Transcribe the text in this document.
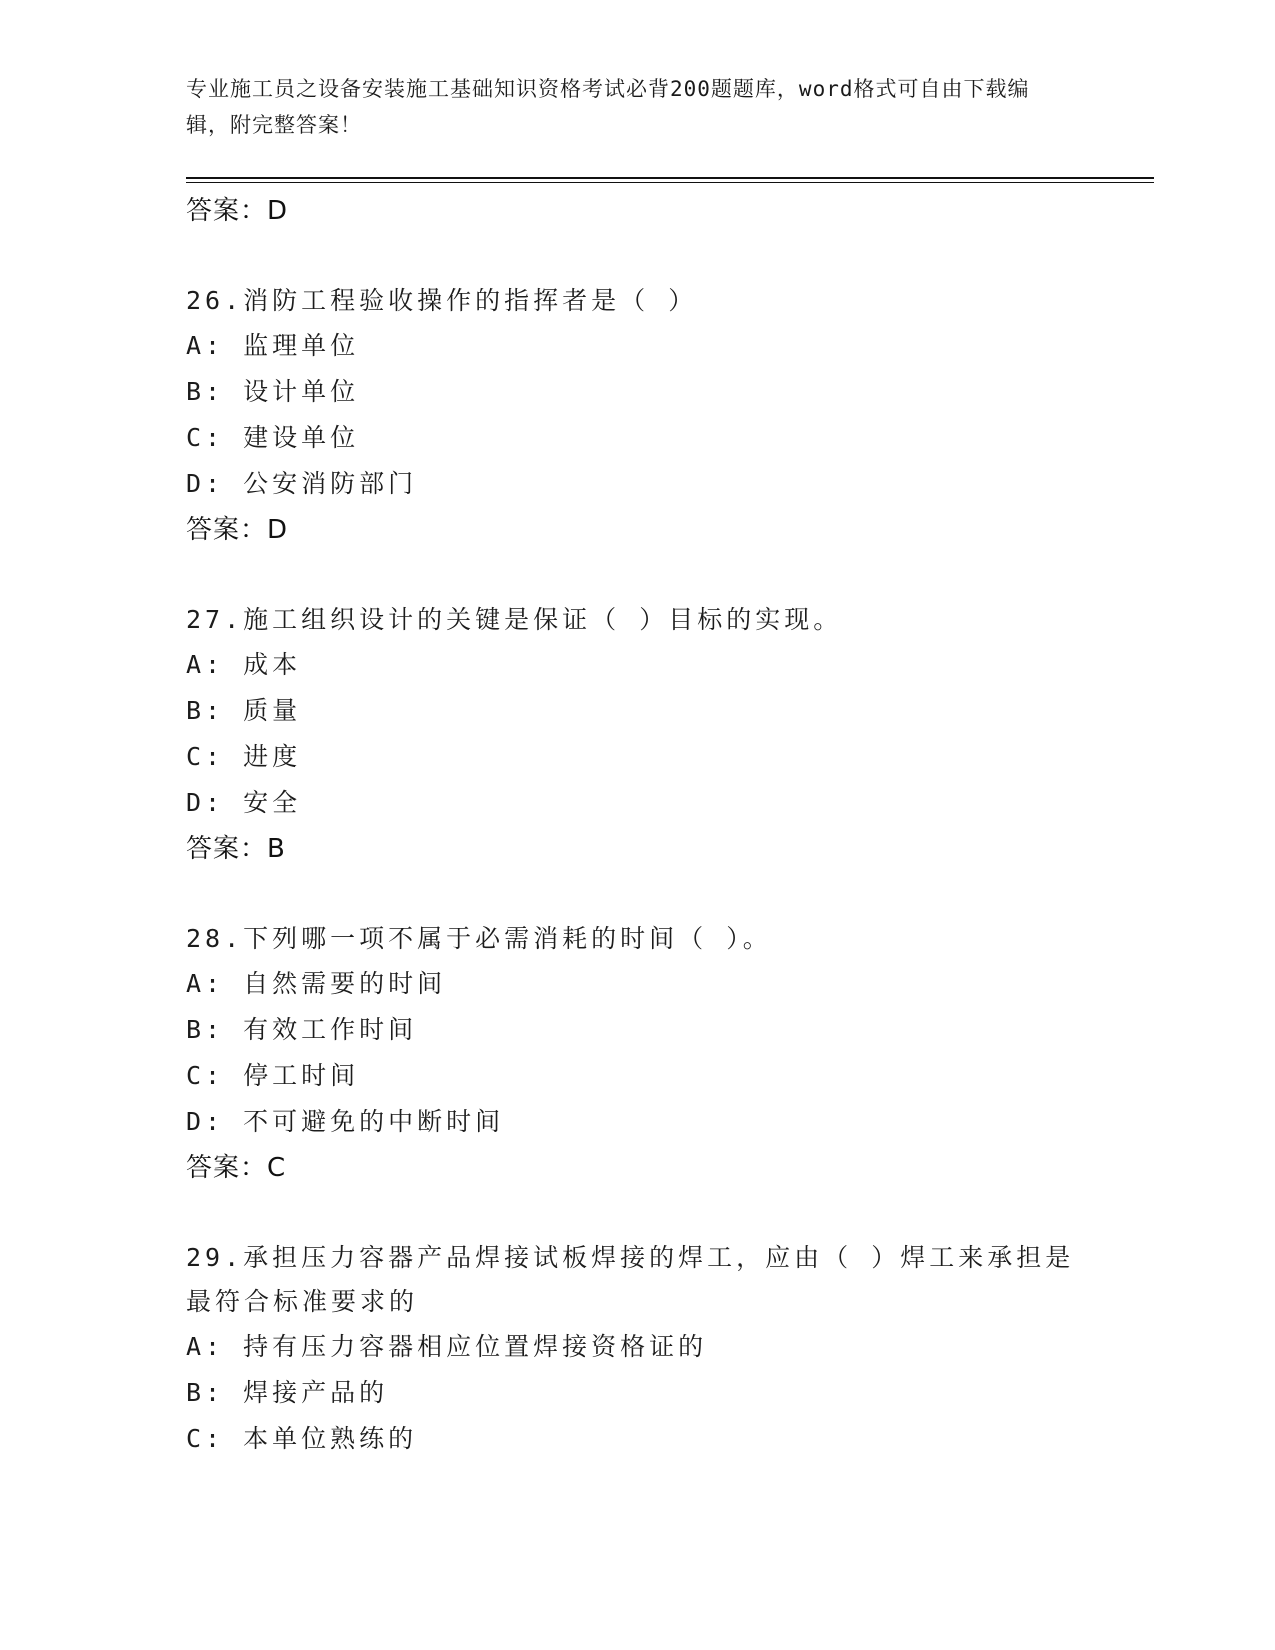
专业施工员之设备安装施工基础知识资格考试必背200题题库，word格式可自由下载编辑，附完整答案！
答案：D
26.消防工程验收操作的指挥者是（ ）
A: 监理单位
B: 设计单位
C: 建设单位
D: 公安消防部门
答案：D
27.施工组织设计的关键是保证（ ）目标的实现。
A: 成本
B: 质量
C: 进度
D: 安全
答案：B
28.下列哪一项不属于必需消耗的时间（ ）。
A: 自然需要的时间
B: 有效工作时间
C: 停工时间
D: 不可避免的中断时间
答案：C
29.承担压力容器产品焊接试板焊接的焊工，应由（ ）焊工来承担是最符合标准要求的
A: 持有压力容器相应位置焊接资格证的
B: 焊接产品的
C: 本单位熟练的
